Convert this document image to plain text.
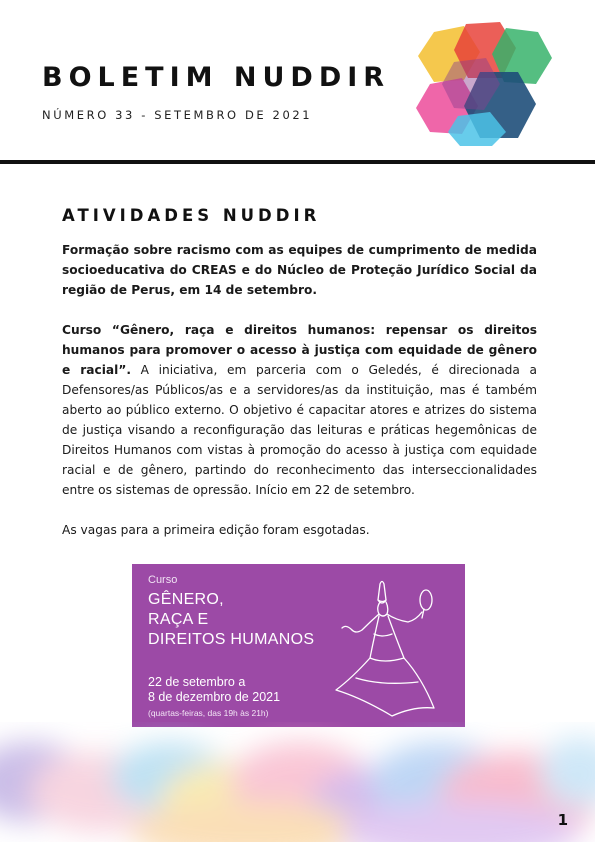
BOLETIM NUDDIR
NÚMERO 33 - SETEMBRO DE 2021
ATIVIDADES NUDDIR

Formação sobre racismo com as equipes de cumprimento de medida socioeducativa do CREAS e do Núcleo de Proteção Jurídico Social da região de Perus, em 14 de setembro.

Curso “Gênero, raça e direitos humanos: repensar os direitos humanos para promover o acesso à justiça com equidade de gênero e racial”. A iniciativa, em parceria com o Geledés, é direcionada a Defensores/as Públicos/as e a servidores/as da instituição, mas é também aberto ao público externo. O objetivo é capacitar atores e atrizes do sistema de justiça visando a reconfiguração das leituras e práticas hegemônicas de Direitos Humanos com vistas à promoção do acesso à justiça com equidade racial e de gênero, partindo do reconhecimento das interseccionalidades entre os sistemas de opressão. Início em 22 de setembro.

As vagas para a primeira edição foram esgotadas.

Curso
GÊNERO,
RAÇA E
DIREITOS HUMANOS
22 de setembro a
8 de dezembro de 2021
(quartas-feiras, das 19h às 21h)
1
